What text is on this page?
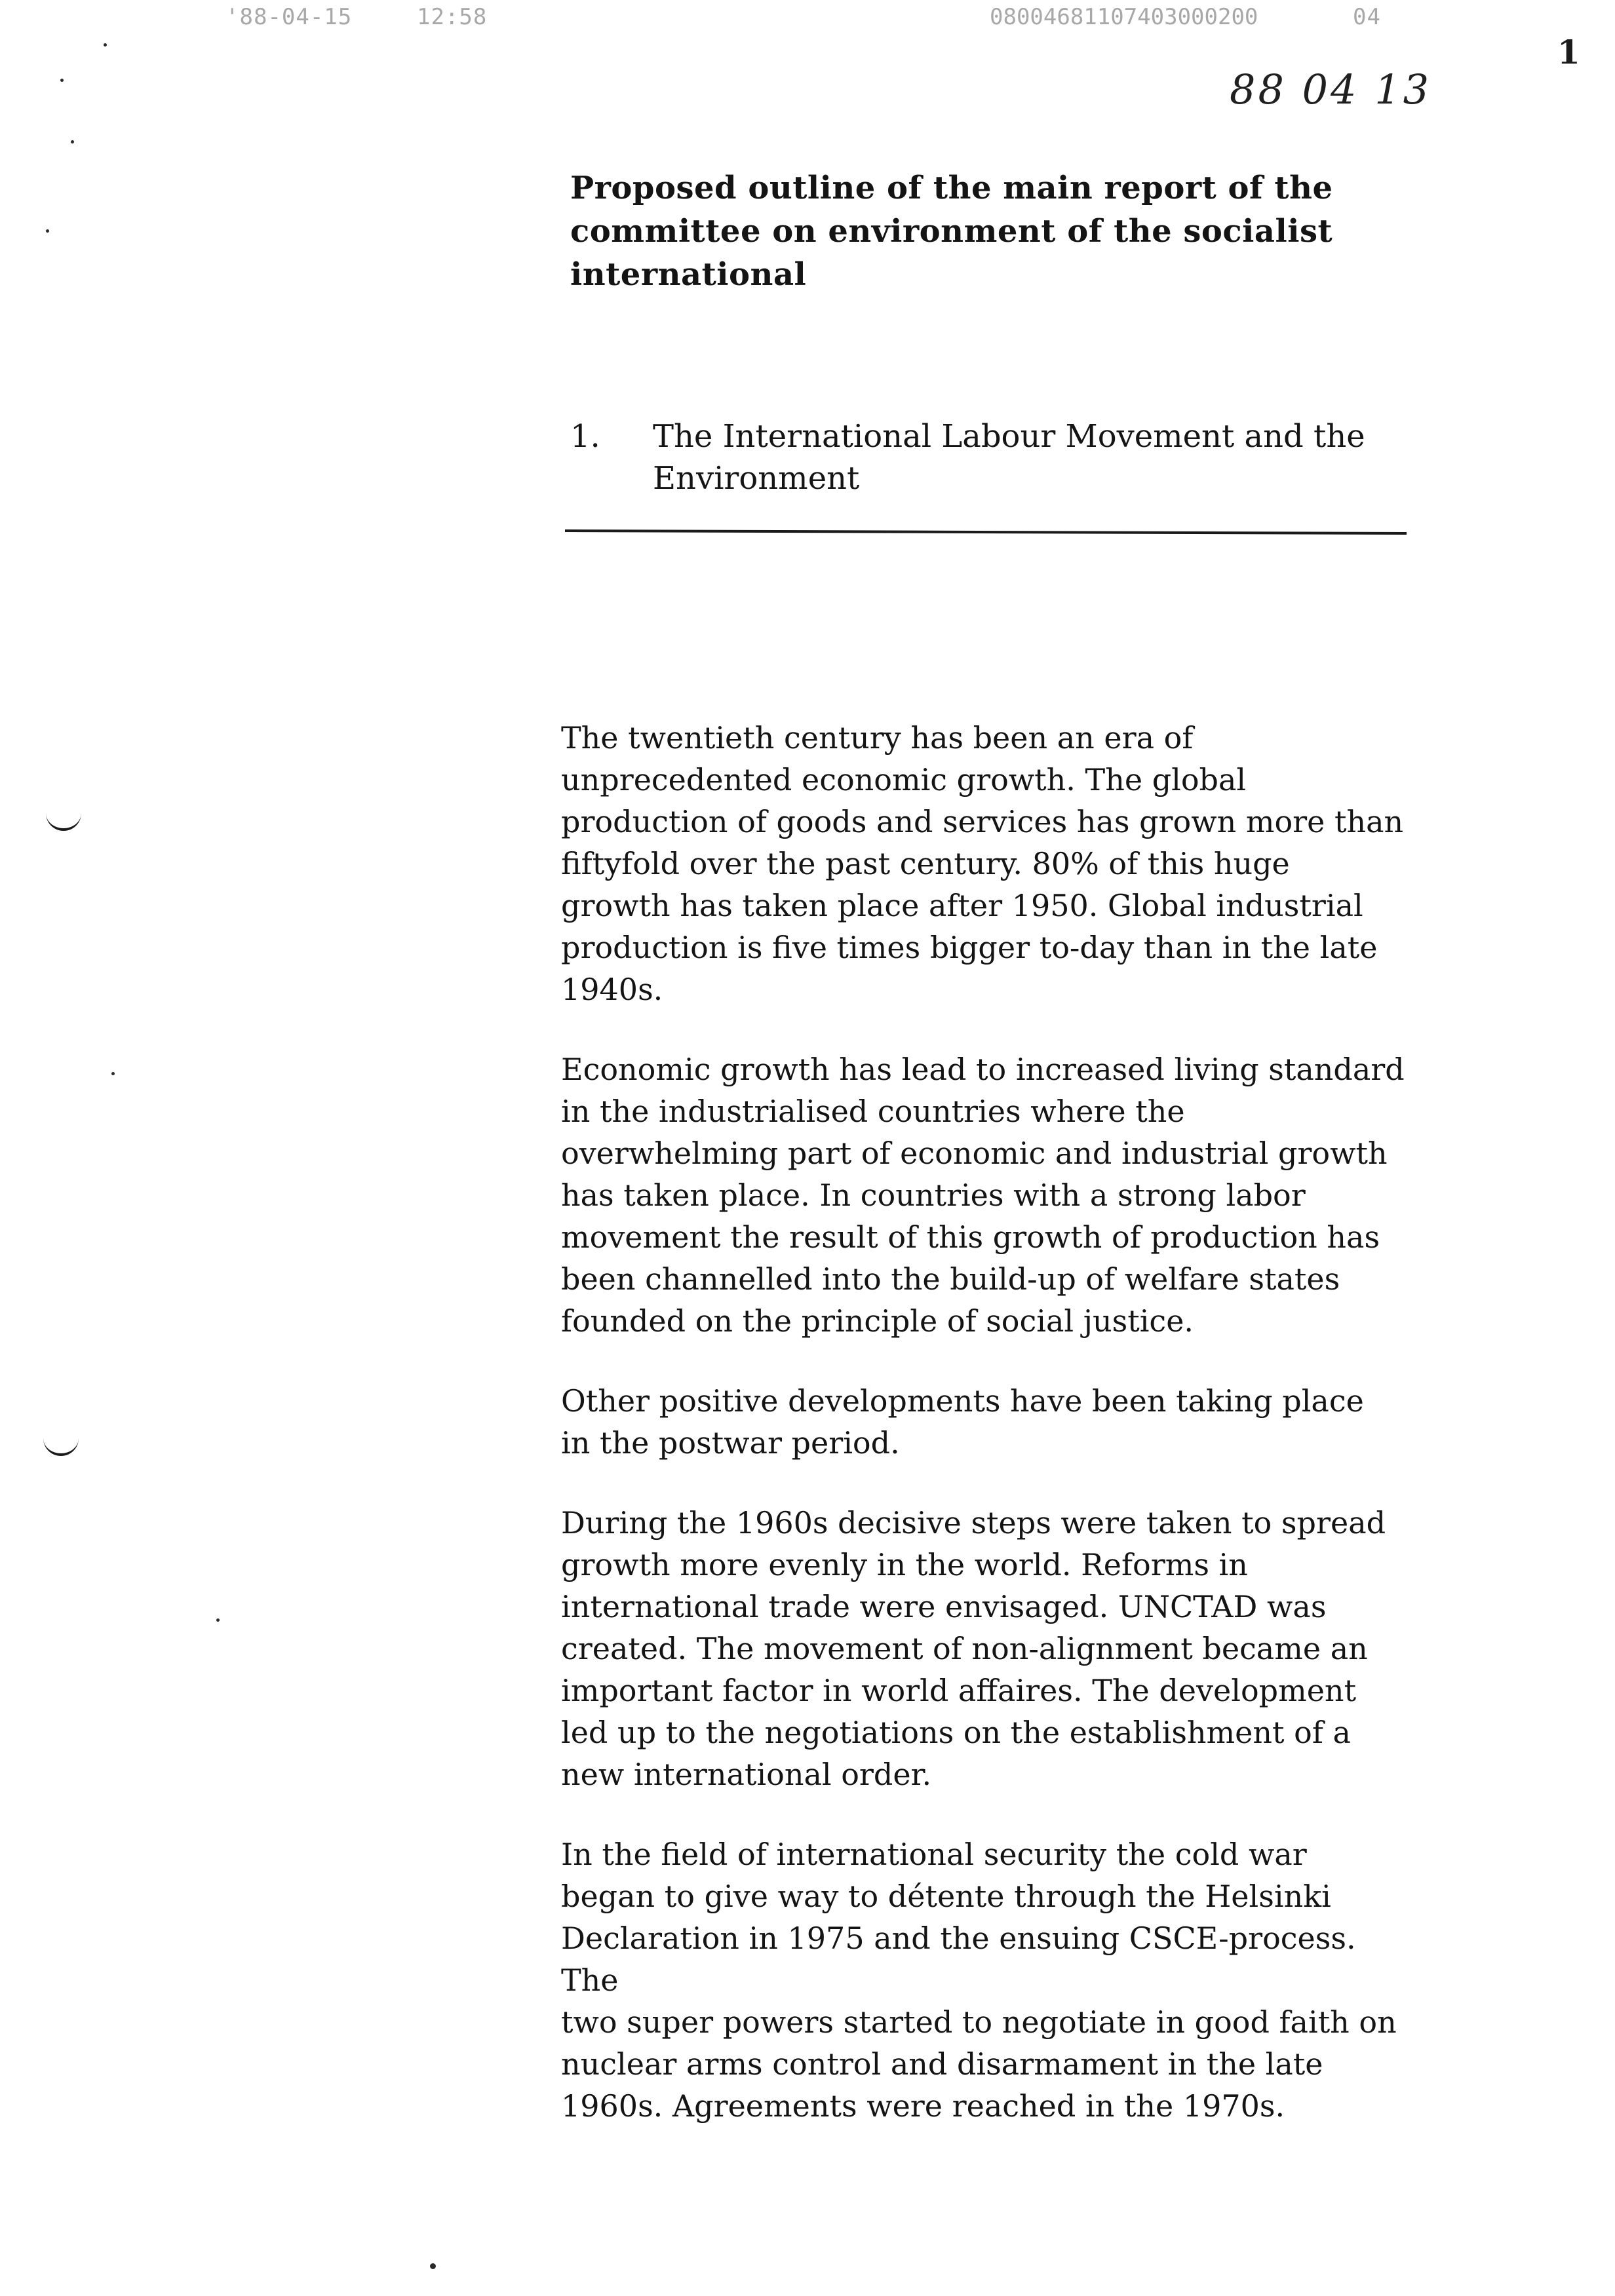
'88-04-15	12:58	08004681107403000200	04
1
88 04 13
Proposed outline of the main report of the committee on environment of the socialist international
1. The International Labour Movement and the Environment

The twentieth century has been an era of
unprecedented economic growth. The global
production of goods and services has grown more than
fiftyfold over the past century. 80% of this huge
growth has taken place after 1950. Global industrial
production is five times bigger to-day than in the late
1940s.

Economic growth has lead to increased living standard
in the industrialised countries where the
overwhelming part of economic and industrial growth
has taken place. In countries with a strong labor
movement the result of this growth of production has
been channelled into the build-up of welfare states
founded on the principle of social justice.

Other positive developments have been taking place
in the postwar period.

During the 1960s decisive steps were taken to spread
growth more evenly in the world. Reforms in
international trade were envisaged. UNCTAD was
created. The movement of non-alignment became an
important factor in world affaires. The development
led up to the negotiations on the establishment of a
new international order.

In the field of international security the cold war
began to give way to détente through the Helsinki
Declaration in 1975 and the ensuing CSCE-process. The
two super powers started to negotiate in good faith on
nuclear arms control and disarmament in the late
1960s. Agreements were reached in the 1970s.
